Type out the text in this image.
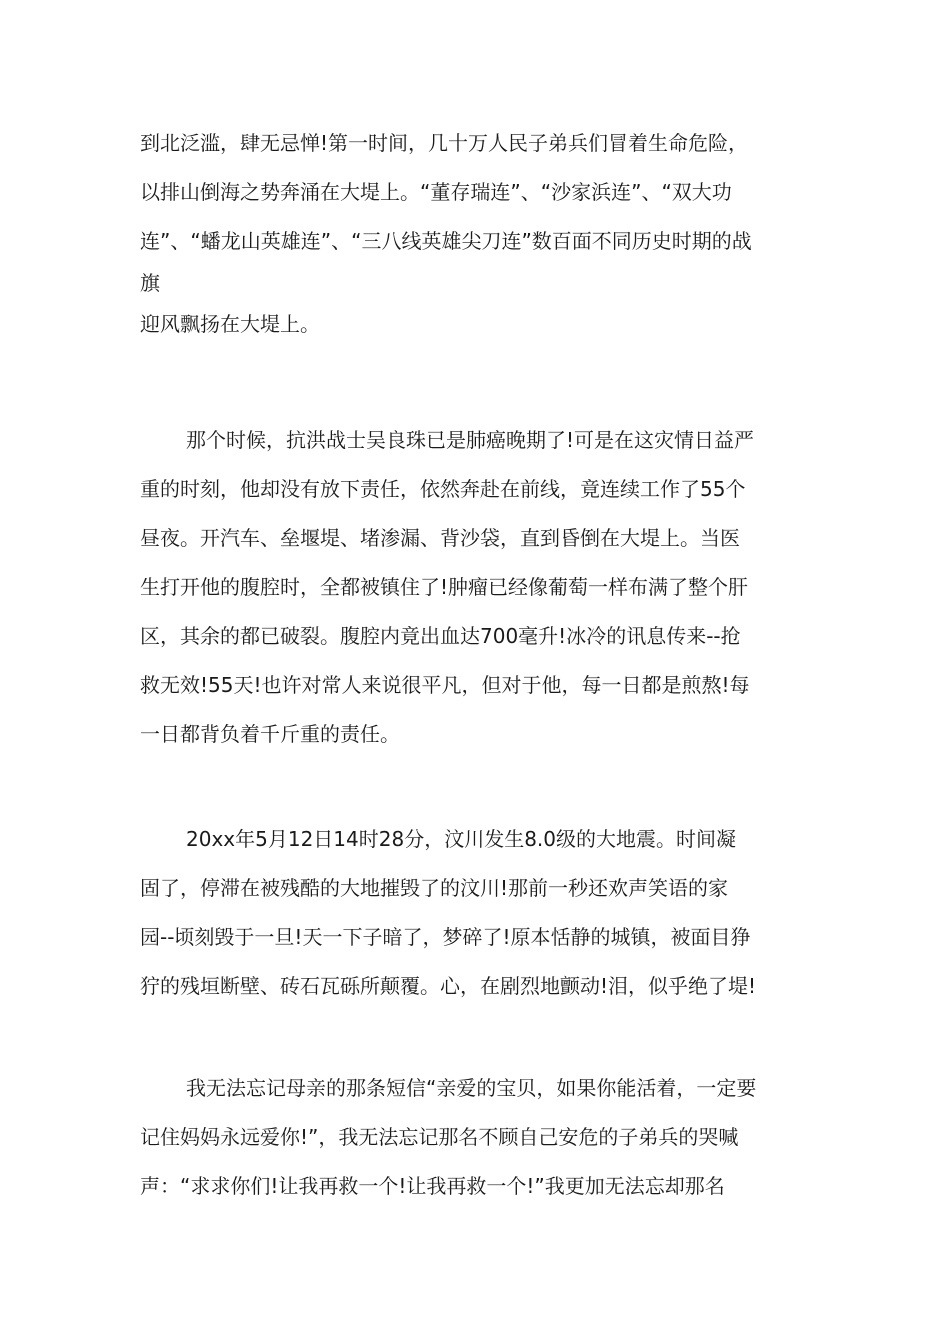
到北泛滥，肆无忌惮!第一时间，几十万人民子弟兵们冒着生命危险，
以排山倒海之势奔涌在大堤上。“董存瑞连”、“沙家浜连”、“双大功
连”、“蟠龙山英雄连”、“三八线英雄尖刀连”数百面不同历史时期的战
旗
迎风飘扬在大堤上。
那个时候，抗洪战士吴良珠已是肺癌晚期了!可是在这灾情日益严
重的时刻，他却没有放下责任，依然奔赴在前线，竟连续工作了55个
昼夜。开汽车、垒堰堤、堵渗漏、背沙袋，直到昏倒在大堤上。当医
生打开他的腹腔时，全都被镇住了!肿瘤已经像葡萄一样布满了整个肝
区，其余的都已破裂。腹腔内竟出血达700毫升!冰冷的讯息传来--抢
救无效!55天!也许对常人来说很平凡，但对于他，每一日都是煎熬!每
一日都背负着千斤重的责任。
20xx年5月12日14时28分，汶川发生8.0级的大地震。时间凝
固了，停滞在被残酷的大地摧毁了的汶川!那前一秒还欢声笑语的家
园--顷刻毁于一旦!天一下子暗了，梦碎了!原本恬静的城镇，被面目狰
狞的残垣断壁、砖石瓦砾所颠覆。心，在剧烈地颤动!泪，似乎绝了堤!
我无法忘记母亲的那条短信“亲爱的宝贝，如果你能活着，一定要
记住妈妈永远爱你!”，我无法忘记那名不顾自己安危的子弟兵的哭喊
声：“求求你们!让我再救一个!让我再救一个!”我更加无法忘却那名
